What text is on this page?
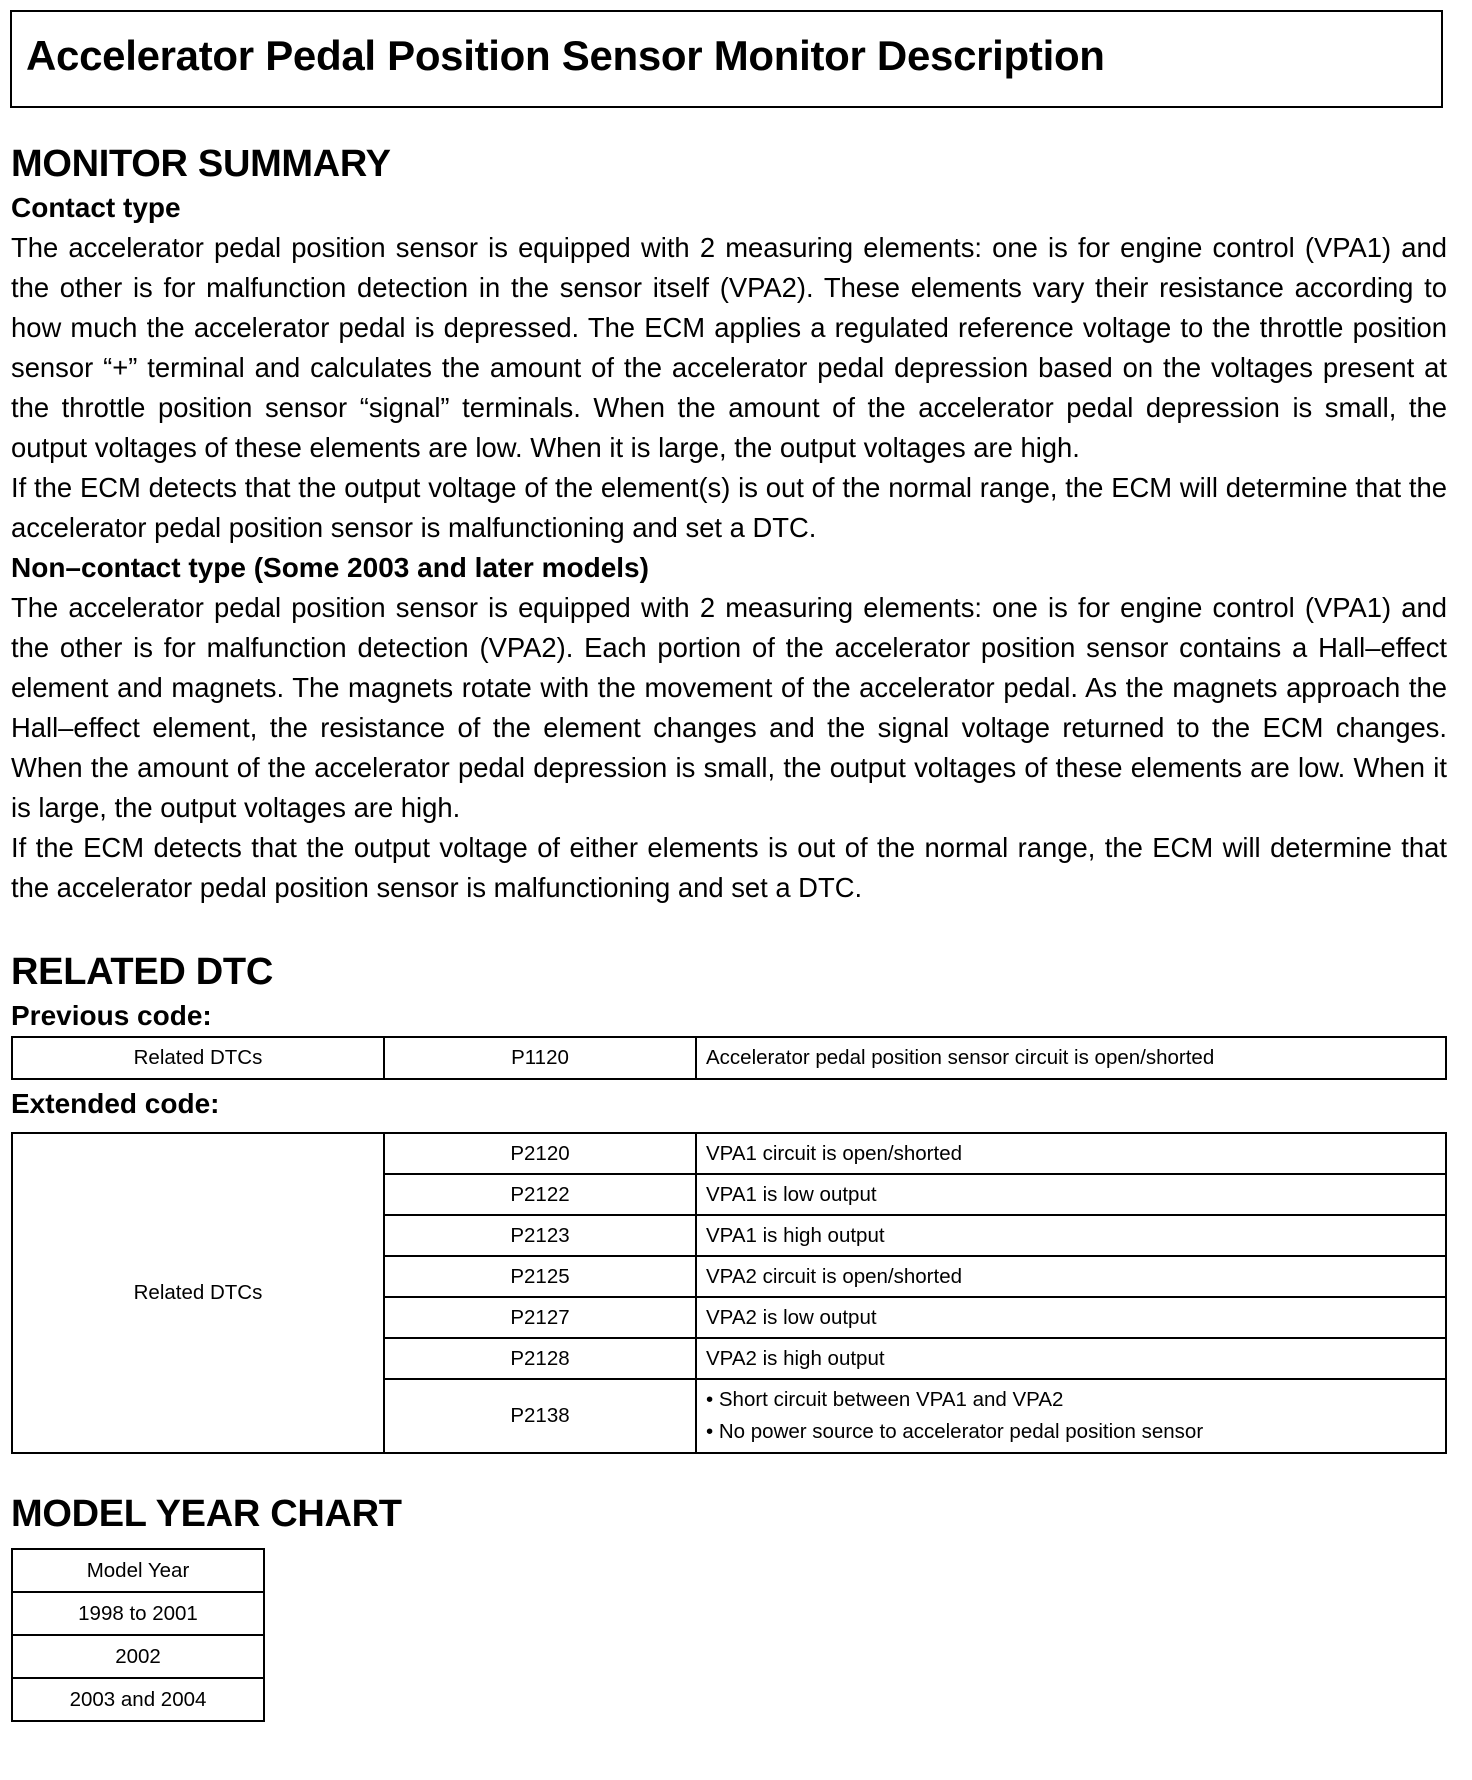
Accelerator Pedal Position Sensor Monitor Description
MONITOR SUMMARY
Contact type

The accelerator pedal position sensor is equipped with 2 measuring elements: one is for engine control (VPA1) and the other is for malfunction detection in the sensor itself (VPA2). These elements vary their resistance according to how much the accelerator pedal is depressed. The ECM applies a regulated reference voltage to the throttle position sensor “+” terminal and calculates the amount of the accelerator pedal depression based on the voltages present at the throttle position sensor “signal” terminals. When the amount of the accelerator pedal depression is small, the output voltages of these elements are low. When it is large, the output voltages are high.

If the ECM detects that the output voltage of the element(s) is out of the normal range, the ECM will determine that the accelerator pedal position sensor is malfunctioning and set a DTC.

Non–contact type (Some 2003 and later models)

The accelerator pedal position sensor is equipped with 2 measuring elements: one is for engine control (VPA1) and the other is for malfunction detection (VPA2). Each portion of the accelerator position sensor contains a Hall–effect element and magnets. The magnets rotate with the movement of the accelerator pedal. As the magnets approach the Hall–effect element, the resistance of the element changes and the signal voltage returned to the ECM changes. When the amount of the accelerator pedal depression is small, the output voltages of these elements are low. When it is large, the output voltages are high.

If the ECM detects that the output voltage of either elements is out of the normal range, the ECM will determine that the accelerator pedal position sensor is malfunctioning and set a DTC.

RELATED DTC
Previous code:
Related DTCs	P1120	Accelerator pedal position sensor circuit is open/shorted
Extended code:
Related DTCs	P2120	VPA1 circuit is open/shorted
	P2122	VPA1 is low output
	P2123	VPA1 is high output
	P2125	VPA2 circuit is open/shorted
	P2127	VPA2 is low output
	P2128	VPA2 is high output
	P2138	• Short circuit between VPA1 and VPA2
• No power source to accelerator pedal position sensor
MODEL YEAR CHART
Model Year
1998 to 2001
2002
2003 and 2004
